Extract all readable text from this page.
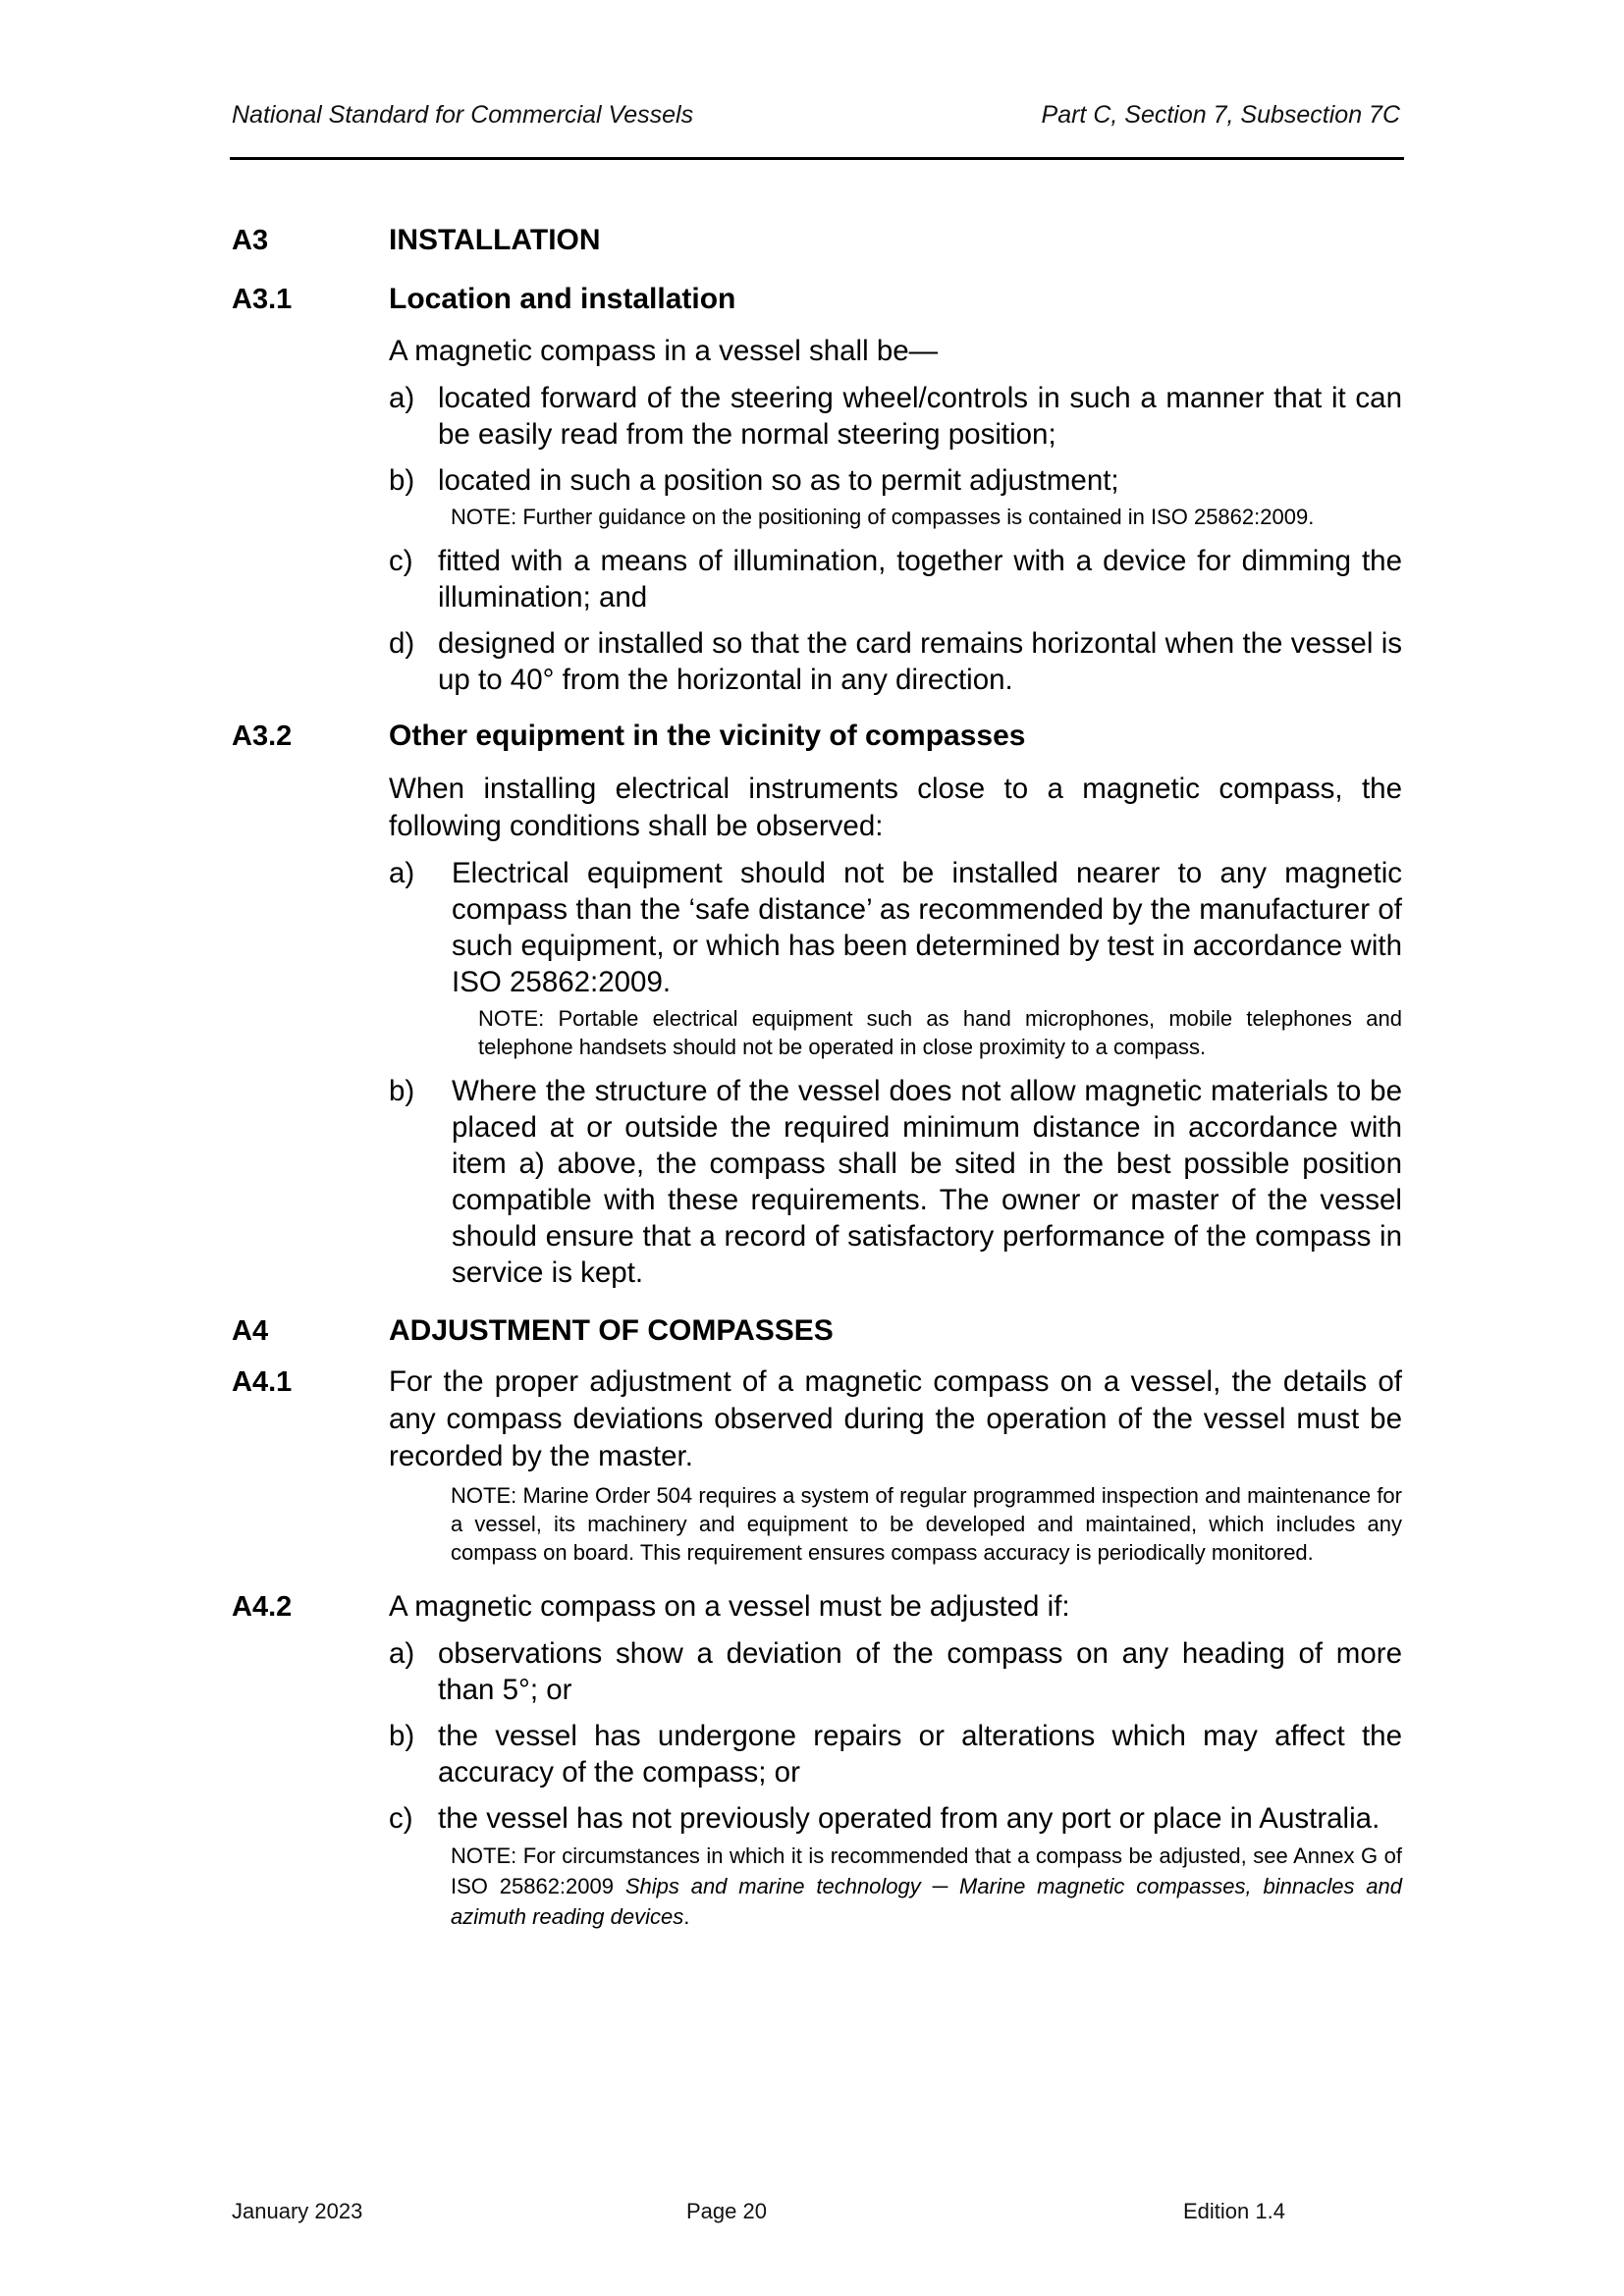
National Standard for Commercial Vessels	Part C, Section 7, Subsection 7C
A3	INSTALLATION
A3.1	Location and installation
A magnetic compass in a vessel shall be—
a) located forward of the steering wheel/controls in such a manner that it can be easily read from the normal steering position;
b) located in such a position so as to permit adjustment;
NOTE: Further guidance on the positioning of compasses is contained in ISO 25862:2009.
c) fitted with a means of illumination, together with a device for dimming the illumination; and
d) designed or installed so that the card remains horizontal when the vessel is up to 40° from the horizontal in any direction.
A3.2	Other equipment in the vicinity of compasses
When installing electrical instruments close to a magnetic compass, the following conditions shall be observed:
a)	Electrical equipment should not be installed nearer to any magnetic compass than the ‘safe distance’ as recommended by the manufacturer of such equipment, or which has been determined by test in accordance with ISO 25862:2009.
NOTE: Portable electrical equipment such as hand microphones, mobile telephones and telephone handsets should not be operated in close proximity to a compass.
b)	Where the structure of the vessel does not allow magnetic materials to be placed at or outside the required minimum distance in accordance with item a) above, the compass shall be sited in the best possible position compatible with these requirements. The owner or master of the vessel should ensure that a record of satisfactory performance of the compass in service is kept.
A4	ADJUSTMENT OF COMPASSES
A4.1	For the proper adjustment of a magnetic compass on a vessel, the details of any compass deviations observed during the operation of the vessel must be recorded by the master.
NOTE: Marine Order 504 requires a system of regular programmed inspection and maintenance for a vessel, its machinery and equipment to be developed and maintained, which includes any compass on board. This requirement ensures compass accuracy is periodically monitored.
A4.2	A magnetic compass on a vessel must be adjusted if:
a) observations show a deviation of the compass on any heading of more than 5°; or
b) the vessel has undergone repairs or alterations which may affect the accuracy of the compass; or
c) the vessel has not previously operated from any port or place in Australia.
NOTE: For circumstances in which it is recommended that a compass be adjusted, see Annex G of ISO 25862:2009 Ships and marine technology ─ Marine magnetic compasses, binnacles and azimuth reading devices.
January 2023	Page 20	Edition 1.4
